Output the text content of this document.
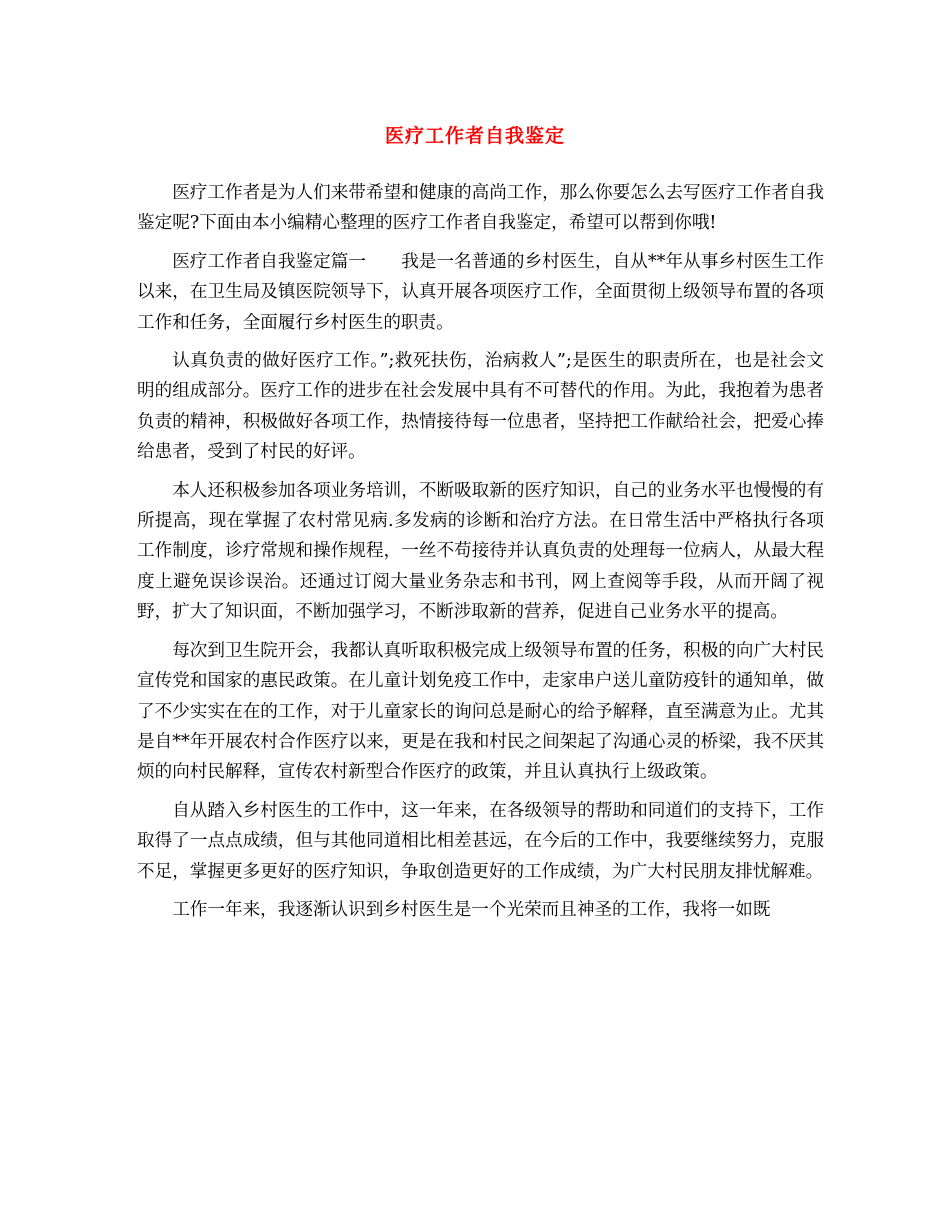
医疗工作者自我鉴定

医疗工作者是为人们来带希望和健康的高尚工作，那么你要怎么去写医疗工作者自我鉴定呢?下面由本小编精心整理的医疗工作者自我鉴定，希望可以帮到你哦!

医疗工作者自我鉴定篇一　　我是一名普通的乡村医生，自从**年从事乡村医生工作以来，在卫生局及镇医院领导下，认真开展各项医疗工作，全面贯彻上级领导布置的各项工作和任务，全面履行乡村医生的职责。

认真负责的做好医疗工作。”;救死扶伤，治病救人”;是医生的职责所在，也是社会文明的组成部分。医疗工作的进步在社会发展中具有不可替代的作用。为此，我抱着为患者负责的精神，积极做好各项工作，热情接待每一位患者，坚持把工作献给社会，把爱心捧给患者，受到了村民的好评。

本人还积极参加各项业务培训，不断吸取新的医疗知识，自己的业务水平也慢慢的有所提高，现在掌握了农村常见病.多发病的诊断和治疗方法。在日常生活中严格执行各项工作制度，诊疗常规和操作规程，一丝不苟接待并认真负责的处理每一位病人，从最大程度上避免误诊误治。还通过订阅大量业务杂志和书刊，网上查阅等手段，从而开阔了视野，扩大了知识面，不断加强学习，不断涉取新的营养，促进自己业务水平的提高。

每次到卫生院开会，我都认真听取积极完成上级领导布置的任务，积极的向广大村民宣传党和国家的惠民政策。在儿童计划免疫工作中，走家串户送儿童防疫针的通知单，做了不少实实在在的工作，对于儿童家长的询问总是耐心的给予解释，直至满意为止。尤其是自**年开展农村合作医疗以来，更是在我和村民之间架起了沟通心灵的桥梁，我不厌其烦的向村民解释，宣传农村新型合作医疗的政策，并且认真执行上级政策。

自从踏入乡村医生的工作中，这一年来，在各级领导的帮助和同道们的支持下，工作取得了一点点成绩，但与其他同道相比相差甚远，在今后的工作中，我要继续努力，克服不足，掌握更多更好的医疗知识，争取创造更好的工作成绩，为广大村民朋友排忧解难。

工作一年来，我逐渐认识到乡村医生是一个光荣而且神圣的工作，我将一如既
